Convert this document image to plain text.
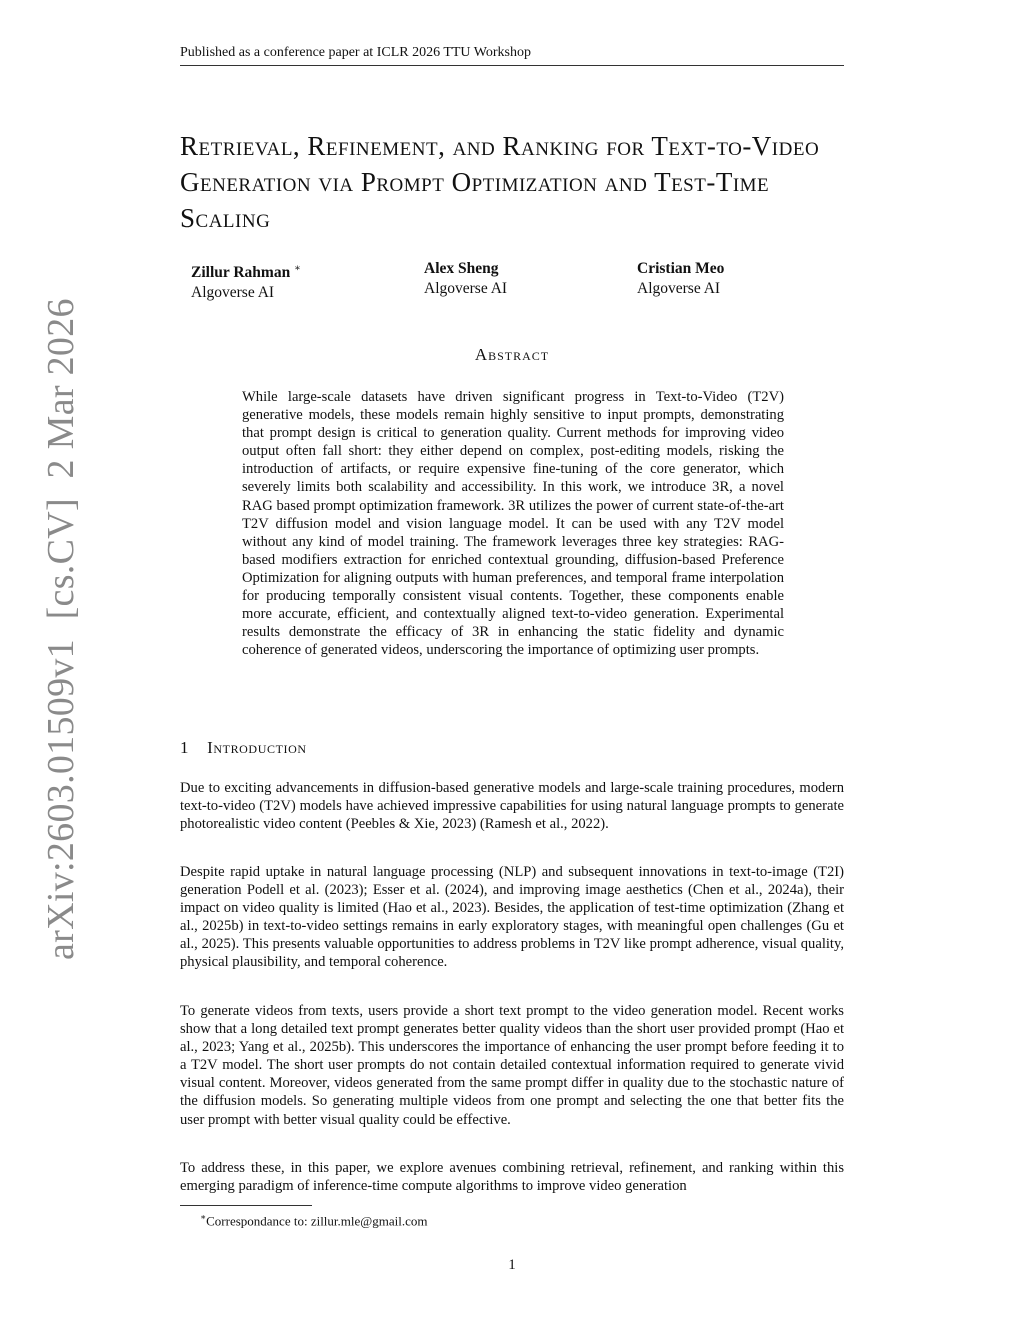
Published as a conference paper at ICLR 2026 TTU Workshop
arXiv:2603.01509v1  [cs.CV]  2 Mar 2026
Retrieval, Refinement, and Ranking for Text-to-Video Generation via Prompt Optimization and Test-Time Scaling
Zillur Rahman ∗
Algoverse AI
Alex Sheng
Algoverse AI
Cristian Meo
Algoverse AI
Abstract

While large-scale datasets have driven significant progress in Text-to-Video (T2V) generative models, these models remain highly sensitive to input prompts, demonstrating that prompt design is critical to generation quality. Current methods for improving video output often fall short: they either depend on complex, post-editing models, risking the introduction of artifacts, or require expensive fine-tuning of the core generator, which severely limits both scalability and accessibility. In this work, we introduce 3R, a novel RAG based prompt optimization framework. 3R utilizes the power of current state-of-the-art T2V diffusion model and vision language model. It can be used with any T2V model without any kind of model training. The framework leverages three key strategies: RAG-based modifiers extraction for enriched contextual grounding, diffusion-based Preference Optimization for aligning outputs with human preferences, and temporal frame interpolation for producing temporally consistent visual contents. Together, these components enable more accurate, efficient, and contextually aligned text-to-video generation. Experimental results demonstrate the efficacy of 3R in enhancing the static fidelity and dynamic coherence of generated videos, underscoring the importance of optimizing user prompts.

1 Introduction

Due to exciting advancements in diffusion-based generative models and large-scale training procedures, modern text-to-video (T2V) models have achieved impressive capabilities for using natural language prompts to generate photorealistic video content (Peebles & Xie, 2023) (Ramesh et al., 2022).

Despite rapid uptake in natural language processing (NLP) and subsequent innovations in text-to-image (T2I) generation Podell et al. (2023); Esser et al. (2024), and improving image aesthetics (Chen et al., 2024a), their impact on video quality is limited (Hao et al., 2023). Besides, the application of test-time optimization (Zhang et al., 2025b) in text-to-video settings remains in early exploratory stages, with meaningful open challenges (Gu et al., 2025). This presents valuable opportunities to address problems in T2V like prompt adherence, visual quality, physical plausibility, and temporal coherence.

To generate videos from texts, users provide a short text prompt to the video generation model. Recent works show that a long detailed text prompt generates better quality videos than the short user provided prompt (Hao et al., 2023; Yang et al., 2025b). This underscores the importance of enhancing the user prompt before feeding it to a T2V model. The short user prompts do not contain detailed contextual information required to generate vivid visual content. Moreover, videos generated from the same prompt differ in quality due to the stochastic nature of the diffusion models. So generating multiple videos from one prompt and selecting the one that better fits the user prompt with better visual quality could be effective.

To address these, in this paper, we explore avenues combining retrieval, refinement, and ranking within this emerging paradigm of inference-time compute algorithms to improve video generation

∗Correspondance to: zillur.mle@gmail.com
1
